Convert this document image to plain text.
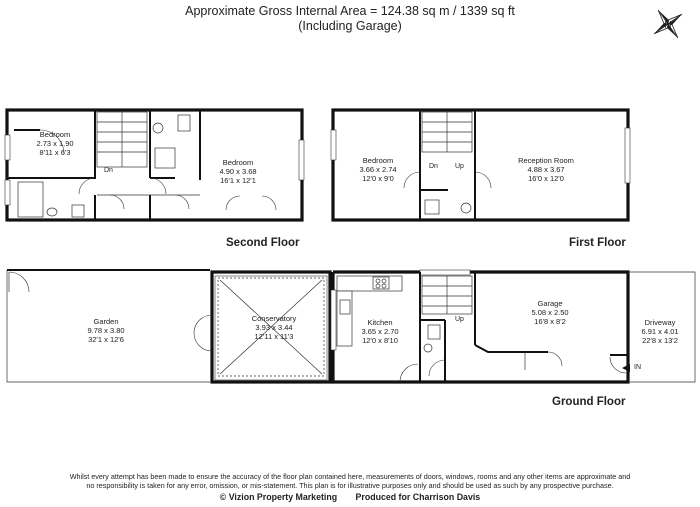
Approximate Gross Internal Area = 124.38 sq m / 1339 sq ft
(Including Garage)	N
Bedroom
2.73 x 1.90
8'11 x 6'3
Dn
Bedroom
4.90 x 3.68
16'1 x 12'1
Second Floor
Bedroom
3.66 x 2.74
12'0 x 9'0
Dn Up
Reception Room
4.88 x 3.67
16'0 x 12'0
First Floor
Garden
9.78 x 3.80
32'1 x 12'6
Conservatory
3.93 x 3.44
12'11 x 11'3
Kitchen
3.65 x 2.70
12'0 x 8'10
Up
Garage
5.08 x 2.50
16'8 x 8'2	Driveway
6.91 x 4.01
22'8 x 13'2
IN
Ground Floor
Whilst every attempt has been made to ensure the accuracy of the floor plan contained here, measurements of doors, windows, rooms and any other items are approximate and
no responsibility is taken for any error, omission, or mis-statement. This plan is for illustrative purposes only and should be used as such by any prospective purchase.
© Vizion Property Marketing Produced for Charrison Davis
